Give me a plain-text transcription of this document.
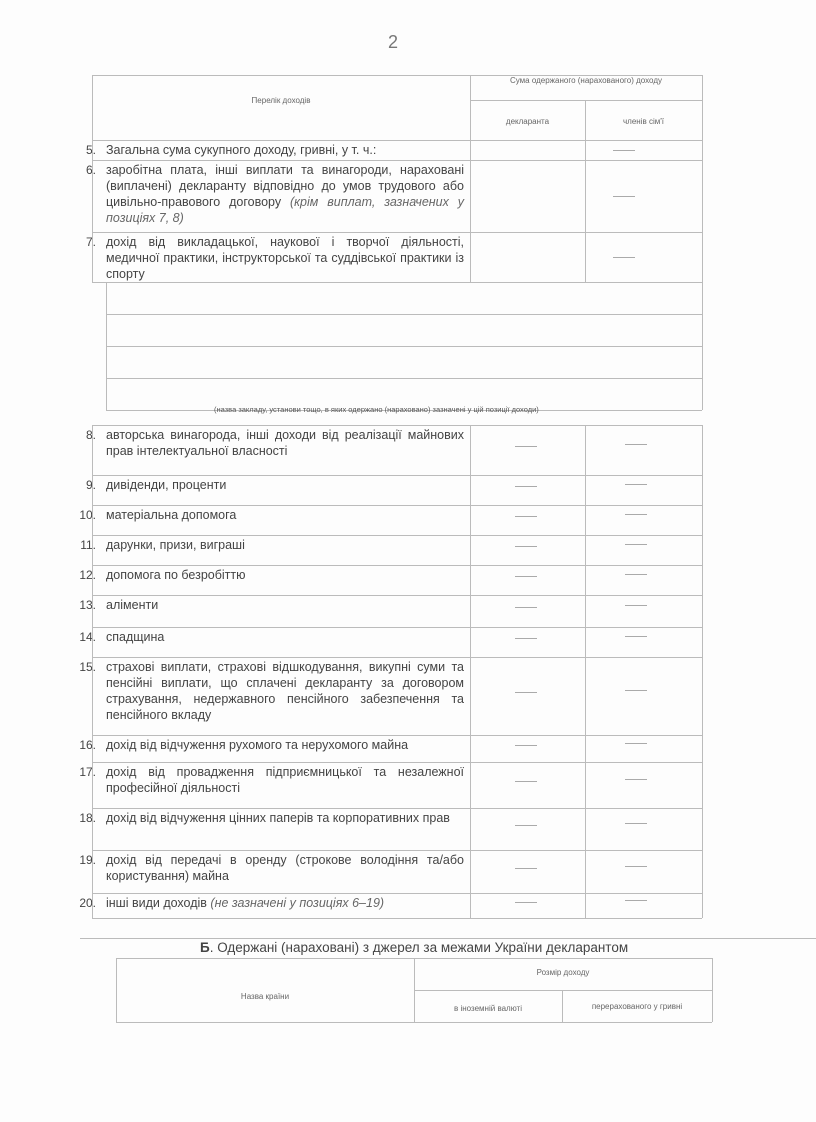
2
Перелік доходів
Сума одержаного (нарахованого) доходу
декларанта	членів сім'ї
5. Загальна сума сукупного доходу, гривні, у т. ч.:
6. заробітна плата, інші виплати та винагороди, нараховані (виплачені) декларанту відповідно до умов трудового або цивільно-правового договору (крім виплат, зазначених у позиціях 7, 8)
7. дохід від викладацької, наукової і творчої діяльності, медичної практики, інструкторської та суддівської практики із спорту
(назва закладу, установи тощо, в яких одержано (нараховано) зазначені у цій позиції доходи)
8. авторська винагорода, інші доходи від реалізації майнових прав інтелектуальної власності
9. дивіденди, проценти
10. матеріальна допомога
11. дарунки, призи, виграші
12. допомога по безробіттю
13. аліменти
14. спадщина
15. страхові виплати, страхові відшкодування, викупні суми та пенсійні виплати, що сплачені декларанту за договором страхування, недержавного пенсійного забезпечення та пенсійного вкладу
16. дохід від відчуження рухомого та нерухомого майна
17. дохід від провадження підприємницької та незалежної професійної діяльності
18. дохід від відчуження цінних паперів та корпоративних прав
19. дохід від передачі в оренду (строкове володіння та/або користування) майна
20. інші види доходів (не зазначені у позиціях 6–19)
Б. Одержані (нараховані) з джерел за межами України декларантом
Назва країни
Розмір доходу
в іноземній валюті	перерахованого у гривні
